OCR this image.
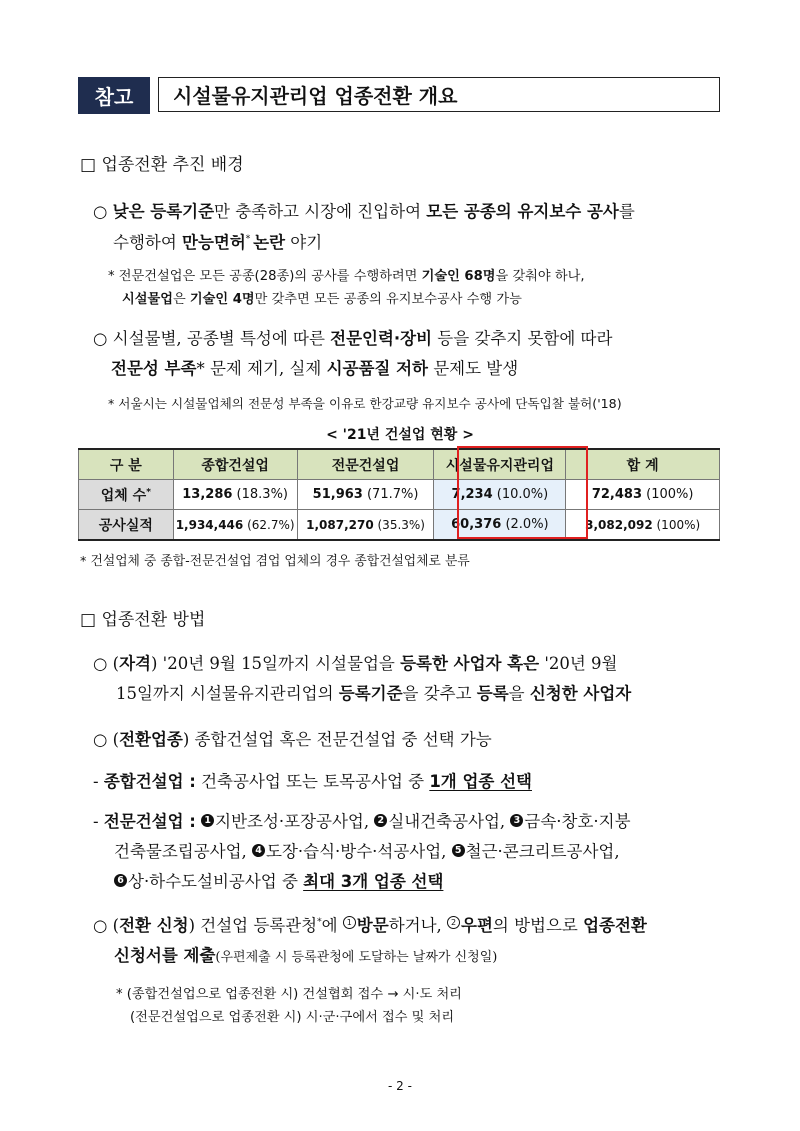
참고	시설물유지관리업 업종전환 개요
□ 업종전환 추진 배경
○ 낮은 등록기준만 충족하고 시장에 진입하여 모든 공종의 유지보수 공사를
수행하여 만능면허* 논란 야기
* 전문건설업은 모든 공종(28종)의 공사를 수행하려면 기술인 68명을 갖춰야 하나,
시설물업은 기술인 4명만 갖추면 모든 공종의 유지보수공사 수행 가능
○ 시설물별, 공종별 특성에 따른 전문인력·장비 등을 갖추지 못함에 따라
전문성 부족* 문제 제기, 실제 시공품질 저하 문제도 발생
* 서울시는 시설물업체의 전문성 부족을 이유로 한강교량 유지보수 공사에 단독입찰 불허('18)
< '21년 건설업 현황 >
구 분	종합건설업	전문건설업	시설물유지관리업	합 계
업체 수*	13,286 (18.3%)	51,963 (71.7%)	7,234 (10.0%)	72,483 (100%)
공사실적	1,934,446 (62.7%)	1,087,270 (35.3%)	60,376 (2.0%)	3,082,092 (100%)
* 건설업체 중 종합-전문건설업 겸업 업체의 경우 종합건설업체로 분류
□ 업종전환 방법
○ (자격) '20년 9월 15일까지 시설물업을 등록한 사업자 혹은 '20년 9월
15일까지 시설물유지관리업의 등록기준을 갖추고 등록을 신청한 사업자
○ (전환업종) 종합건설업 혹은 전문건설업 중 선택 가능
- 종합건설업 : 건축공사업 또는 토목공사업 중 1개 업종 선택
- 전문건설업 : 1 지반조성·포장공사업, 2 실내건축공사업, 3 금속·창호·지붕
건축물조립공사업, 4 도장·습식·방수·석공사업, 5 철근·콘크리트공사업,
6 상·하수도설비공사업 중 최대 3개 업종 선택
○ (전환 신청) 건설업 등록관청*에 1 방문하거나, 2 우편의 방법으로 업종전환
신청서를 제출(우편제출 시 등록관청에 도달하는 날짜가 신청일)
* (종합건설업으로 업종전환 시) 건설협회 접수 → 시·도 처리
(전문건설업으로 업종전환 시) 시·군·구에서 접수 및 처리
- 2 -
